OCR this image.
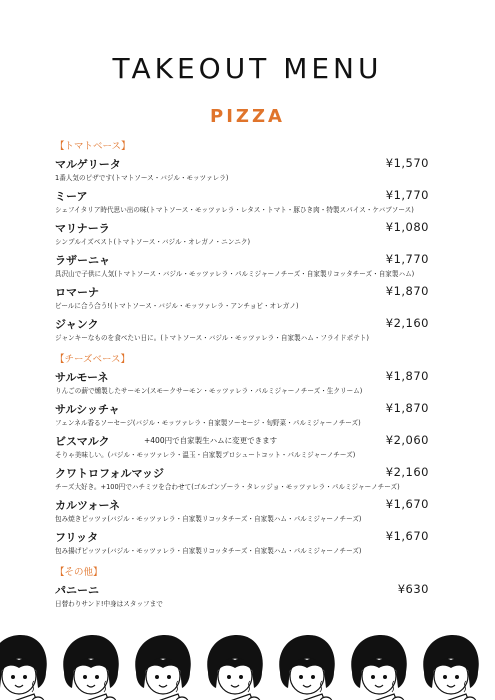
TAKEOUT MENU
PIZZA
【トマトベース】
マルゲリータ	¥1,570
1番人気のピザです(トマトソース・バジル・モッツァレラ)
ミーア	¥1,770
シェフイタリア時代思い出の味(トマトソース・モッツァレラ・レタス・トマト・豚ひき肉・特製スパイス・ケバブソース)
マリナーラ	¥1,080
シンプルイズベスト(トマトソース・バジル・オレガノ・ニンニク)
ラザーニャ	¥1,770
具沢山で子供に人気(トマトソース・バジル・モッツァレラ・パルミジャーノチーズ・自家製リコッタチーズ・自家製ハム)
ロマーナ	¥1,870
ビールに合う合う!(トマトソース・バジル・モッツァレラ・アンチョビ・オレガノ)
ジャンク	¥2,160
ジャンキーなものを食べたい日に。(トマトソース・バジル・モッツァレラ・自家製ハム・フライドポテト)
【チーズベース】
サルモーネ	¥1,870
りんごの薪で燻製したサーモン(スモークサーモン・モッツァレラ・パルミジャーノチーズ・生クリーム)
サルシッチャ	¥1,870
フェンネル香るソーセージ(バジル・モッツァレラ・自家製ソーセージ・旬野菜・パルミジャーノチーズ)
ビスマルク	+400円で自家製生ハムに変更できます	¥2,060
そりゃ美味しい。(バジル・モッツァレラ・温玉・自家製プロシュートコット・パルミジャーノチーズ)
クワトロフォルマッジ	¥2,160
チーズ大好き。+100円でハチミツを合わせて(ゴルゴンゾーラ・タレッジョ・モッツァレラ・パルミジャーノチーズ)
カルツォーネ	¥1,670
包み焼きピッツァ(バジル・モッツァレラ・自家製リコッタチーズ・自家製ハム・パルミジャーノチーズ)
フリッタ	¥1,670
包み揚げピッツァ(バジル・モッツァレラ・自家製リコッタチーズ・自家製ハム・パルミジャーノチーズ)
【その他】
パニーニ	¥630
日替わりサンド!中身はスタッフまで
